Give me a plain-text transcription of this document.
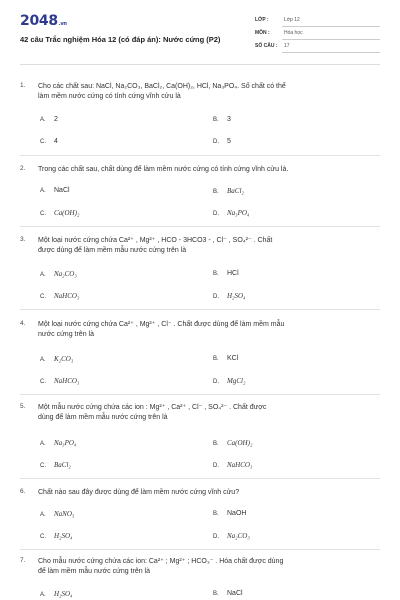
2048.vn
42 câu Trắc nghiệm Hóa 12 (có đáp án): Nước cứng (P2)
LỚP :	Lớp 12
MÔN :	Hóa học
SỐ CÂU : 17
1. Cho các chất sau: NaCl, Na₂CO₃, BaCl₂, Ca(OH)₂, HCl, Na₃PO₄. Số chất có thể
làm mềm nước cứng có tính cứng vĩnh cửu là
A. 2	B. 3
C. 4	D. 5
2. Trong các chất sau, chất dùng để làm mềm nước cứng có tính cứng vĩnh cửu là.
A. NaCl	B. BaCl₂
C. Ca(OH)₂	D. Na₃PO₄
3. Một loại nước cứng chứa Ca²⁺ , Mg²⁺ , HCO - 3HCO3 - , Cl⁻ , SO₄²⁻ . Chất
được dùng để làm mềm mẫu nước cứng trên là
A. Na₂CO₃	B. HCl
C. NaHCO₃	D. H₂SO₄
4. Một loại nước cứng chứa Ca²⁺ , Mg²⁺ , Cl⁻ . Chất được dùng để làm mềm mẫu
nước cứng trên là
A. K₂CO₃	B. KCl
C. NaHCO₃	D. MgCl₂
5. Một mẫu nước cứng chứa các ion : Mg²⁺ , Ca²⁺ , Cl⁻ , SO₄²⁻ . Chất được
dùng để làm mềm mẫu nước cứng trên là
A. Na₃PO₄	B. Ca(OH)₂
C. BaCl₂	D. NaHCO₃
6. Chất nào sau đây được dùng để làm mềm nước cứng vĩnh cửu?
A. NaNO₃	B. NaOH
C. H₂SO₄	D. Na₂CO₃
7. Cho mẫu nước cứng chứa các ion: Ca²⁺ ; Mg²⁺ ; HCO₃⁻ . Hóa chất được dùng
để làm mềm mẫu nước cứng trên là
A. H₂SO₄	B. NaCl
